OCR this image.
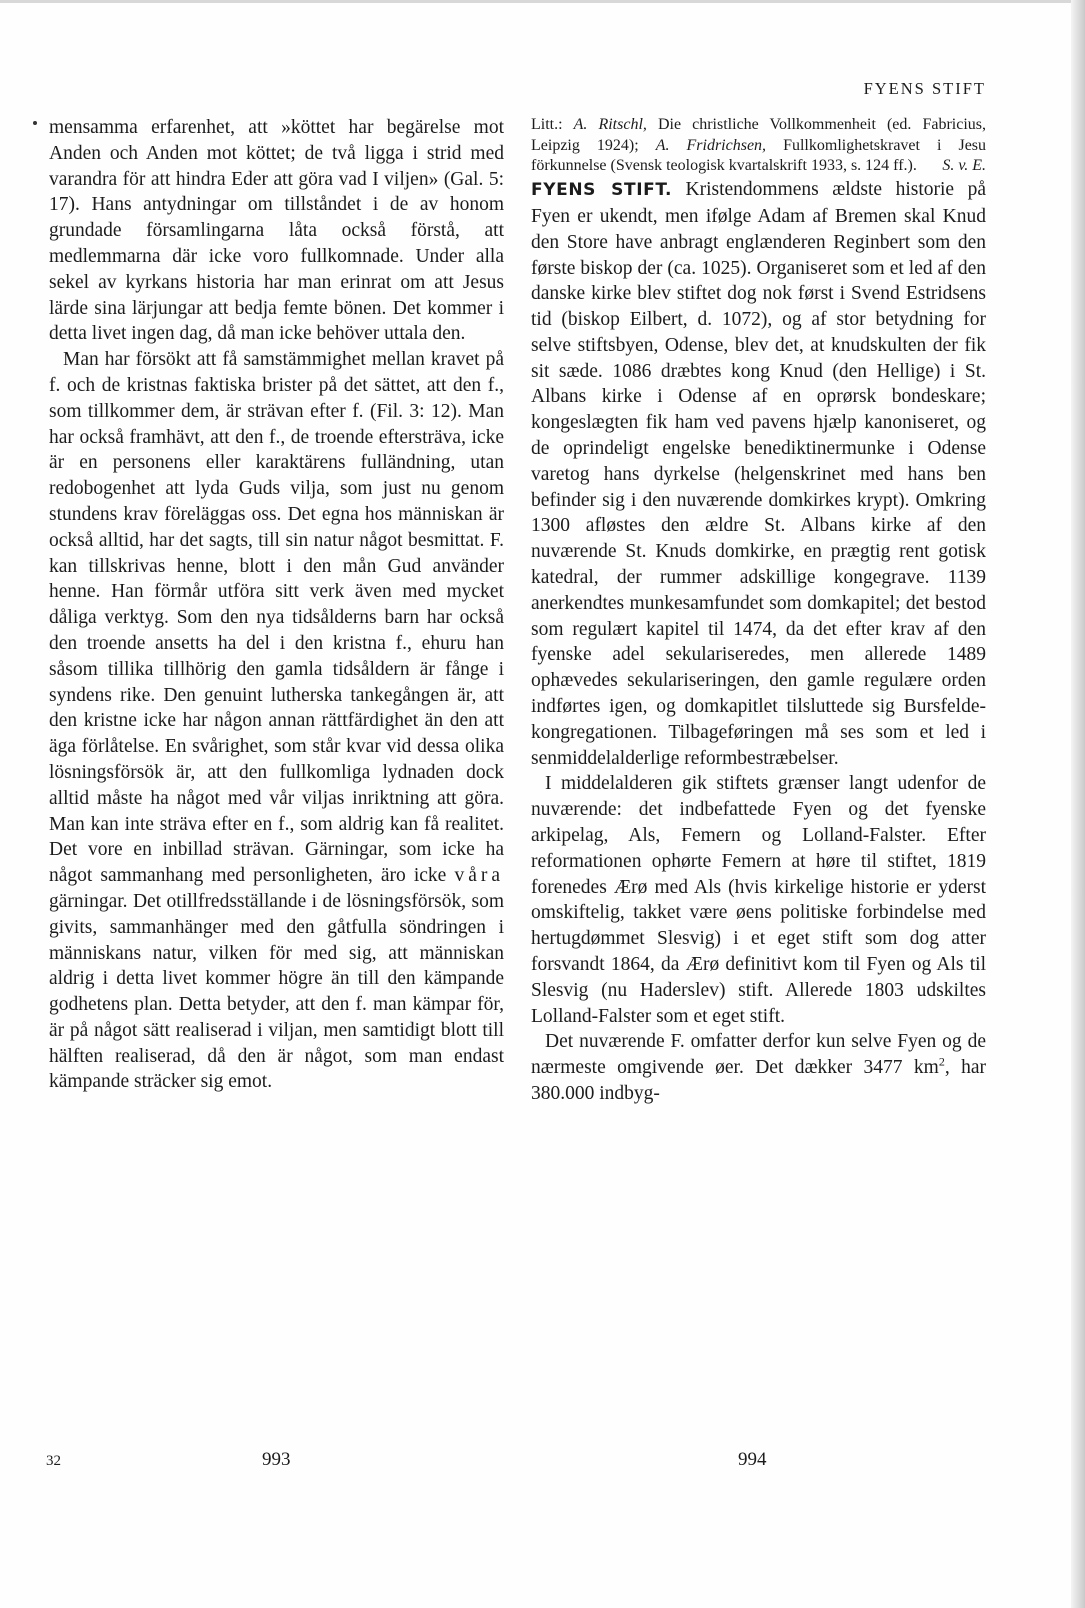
FYENS STIFT

mensamma erfarenhet, att »köttet har begärelse mot Anden och Anden mot köttet; de två ligga i strid med varandra för att hindra Eder att göra vad I viljen» (Gal. 5: 17). Hans antydningar om tillståndet i de av honom grundade församlingarna låta också förstå, att medlemmarna där icke voro fullkomnade. Under alla sekel av kyrkans historia har man erinrat om att Jesus lärde sina lärjungar att bedja femte bönen. Det kommer i detta livet ingen dag, då man icke behöver uttala den.

Man har försökt att få samstämmighet mellan kravet på f. och de kristnas faktiska brister på det sättet, att den f., som tillkommer dem, är strävan efter f. (Fil. 3: 12). Man har också framhävt, att den f., de troende eftersträva, icke är en personens eller karaktärens fulländning, utan redobogenhet att lyda Guds vilja, som just nu genom stundens krav föreläggas oss. Det egna hos människan är också alltid, har det sagts, till sin natur något besmittat. F. kan tillskrivas henne, blott i den mån Gud använder henne. Han förmår utföra sitt verk även med mycket dåliga verktyg. Som den nya tidsålderns barn har också den troende ansetts ha del i den kristna f., ehuru han såsom tillika tillhörig den gamla tidsåldern är fånge i syndens rike. Den genuint lutherska tankegången är, att den kristne icke har någon annan rättfärdighet än den att äga förlåtelse. En svårighet, som står kvar vid dessa olika lösningsförsök är, att den fullkomliga lydnaden dock alltid måste ha något med vår viljas inriktning att göra. Man kan inte sträva efter en f., som aldrig kan få realitet. Det vore en inbillad strävan. Gärningar, som icke ha något sammanhang med personligheten, äro icke våra gärningar. Det otillfredsställande i de lösningsförsök, som givits, sammanhänger med den gåtfulla söndringen i människans natur, vilken för med sig, att människan aldrig i detta livet kommer högre än till den kämpande godhetens plan. Detta betyder, att den f. man kämpar för, är på något sätt realiserad i viljan, men samtidigt blott till hälften realiserad, då den är något, som man endast kämpande sträcker sig emot.

Litt.: A. Ritschl, Die christliche Vollkommenheit (ed. Fabricius, Leipzig 1924); A. Fridrichsen, Fullkomlighetskravet i Jesu förkunnelse (Svensk teologisk kvartalskrift 1933, s. 124 ff.). S. v. E.

FYENS STIFT. Kristendommens ældste historie på Fyen er ukendt, men ifølge Adam af Bremen skal Knud den Store have anbragt englænderen Reginbert som den første biskop der (ca. 1025). Organiseret som et led af den danske kirke blev stiftet dog nok først i Svend Estridsens tid (biskop Eilbert, d. 1072), og af stor betydning for selve stiftsbyen, Odense, blev det, at knudskulten der fik sit sæde. 1086 dræbtes kong Knud (den Hellige) i St. Albans kirke i Odense af en oprørsk bondeskare; kongeslægten fik ham ved pavens hjælp kanoniseret, og de oprindeligt engelske benediktinermunke i Odense varetog hans dyrkelse (helgenskrinet med hans ben befinder sig i den nuværende domkirkes krypt). Omkring 1300 afløstes den ældre St. Albans kirke af den nuværende St. Knuds domkirke, en prægtig rent gotisk katedral, der rummer adskillige kongegrave. 1139 anerkendtes munkesamfundet som domkapitel; det bestod som regulært kapitel til 1474, da det efter krav af den fyenske adel sekulariseredes, men allerede 1489 ophævedes sekulariseringen, den gamle regulære orden indførtes igen, og domkapitlet tilsluttede sig Bursfelde-kongregationen. Tilbageføringen må ses som et led i senmiddelalderlige reformbestræbelser.

I middelalderen gik stiftets grænser langt udenfor de nuværende: det indbefattede Fyen og det fyenske arkipelag, Als, Femern og Lolland-Falster. Efter reformationen ophørte Femern at høre til stiftet, 1819 forenedes Ærø med Als (hvis kirkelige historie er yderst omskiftelig, takket være øens politiske forbindelse med hertugdømmet Slesvig) i et eget stift som dog atter forsvandt 1864, da Ærø definitivt kom til Fyen og Als til Slesvig (nu Haderslev) stift. Allerede 1803 udskiltes Lolland-Falster som et eget stift.

Det nuværende F. omfatter derfor kun selve Fyen og de nærmeste omgivende øer. Det dækker 3477 $km^2$, har 380.000 indbyg-

32	993	994
